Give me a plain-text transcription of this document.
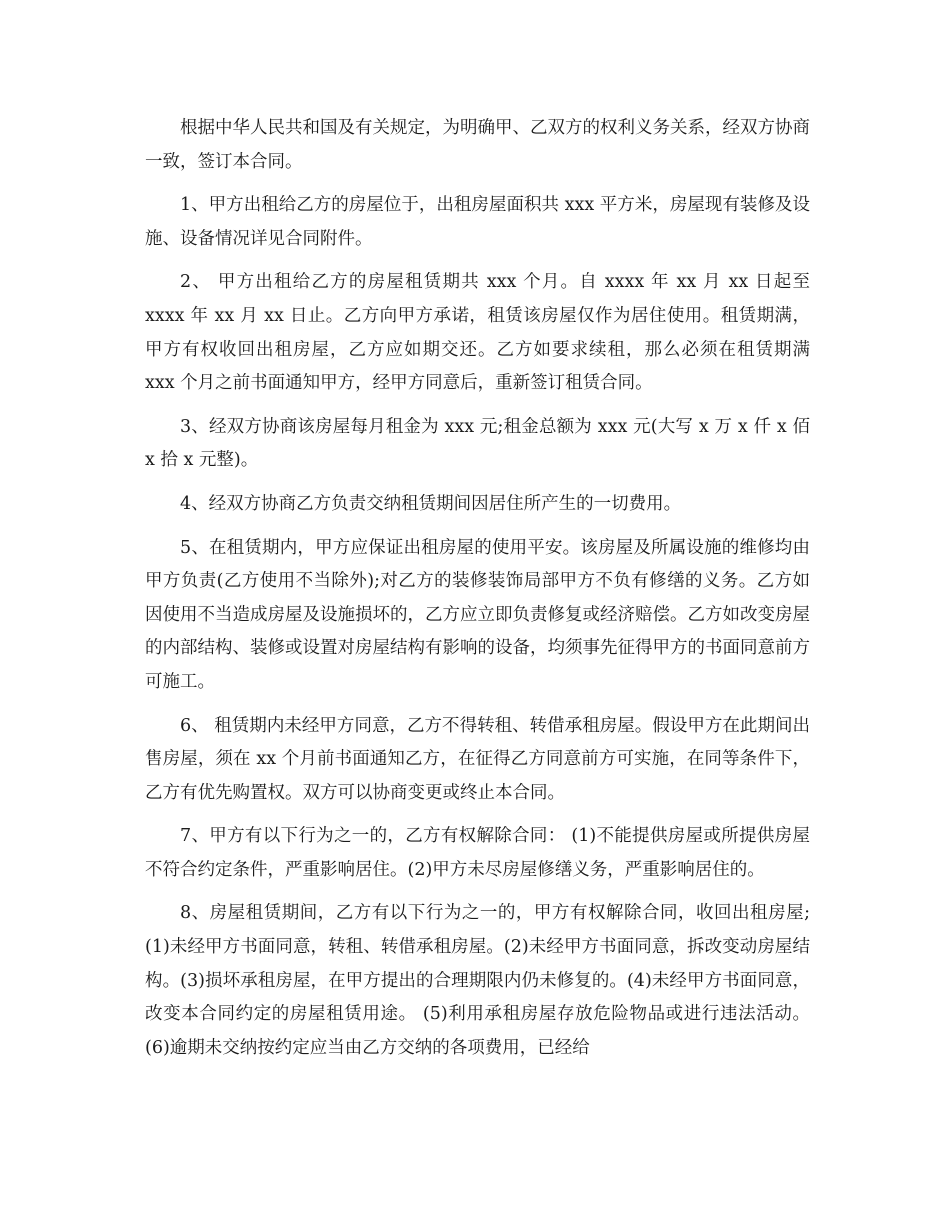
根据中华人民共和国及有关规定，为明确甲、乙双方的权利义务关系，经双方协商一致，签订本合同。

1、甲方出租给乙方的房屋位于，出租房屋面积共 xxx 平方米，房屋现有装修及设施、设备情况详见合同附件。

2、 甲方出租给乙方的房屋租赁期共 xxx 个月。自 xxxx 年 xx 月 xx 日起至 xxxx 年 xx 月 xx 日止。乙方向甲方承诺，租赁该房屋仅作为居住使用。租赁期满，甲方有权收回出租房屋，乙方应如期交还。乙方如要求续租，那么必须在租赁期满 xxx 个月之前书面通知甲方，经甲方同意后，重新签订租赁合同。

3、经双方协商该房屋每月租金为 xxx 元;租金总额为 xxx 元(大写 x 万 x 仟 x 佰 x 拾 x 元整)。

4、经双方协商乙方负责交纳租赁期间因居住所产生的一切费用。

5、在租赁期内，甲方应保证出租房屋的使用平安。该房屋及所属设施的维修均由甲方负责(乙方使用不当除外);对乙方的装修装饰局部甲方不负有修缮的义务。乙方如因使用不当造成房屋及设施损坏的，乙方应立即负责修复或经济赔偿。乙方如改变房屋的内部结构、装修或设置对房屋结构有影响的设备，均须事先征得甲方的书面同意前方可施工。

6、 租赁期内未经甲方同意，乙方不得转租、转借承租房屋。假设甲方在此期间出售房屋，须在 xx 个月前书面通知乙方，在征得乙方同意前方可实施，在同等条件下，乙方有优先购置权。双方可以协商变更或终止本合同。

7、甲方有以下行为之一的，乙方有权解除合同： (1)不能提供房屋或所提供房屋不符合约定条件，严重影响居住。(2)甲方未尽房屋修缮义务，严重影响居住的。

8、房屋租赁期间，乙方有以下行为之一的，甲方有权解除合同，收回出租房屋;(1)未经甲方书面同意，转租、转借承租房屋。(2)未经甲方书面同意，拆改变动房屋结构。(3)损坏承租房屋，在甲方提出的合理期限内仍未修复的。(4)未经甲方书面同意，改变本合同约定的房屋租赁用途。 (5)利用承租房屋存放危险物品或进行违法活动。 (6)逾期未交纳按约定应当由乙方交纳的各项费用，已经给
